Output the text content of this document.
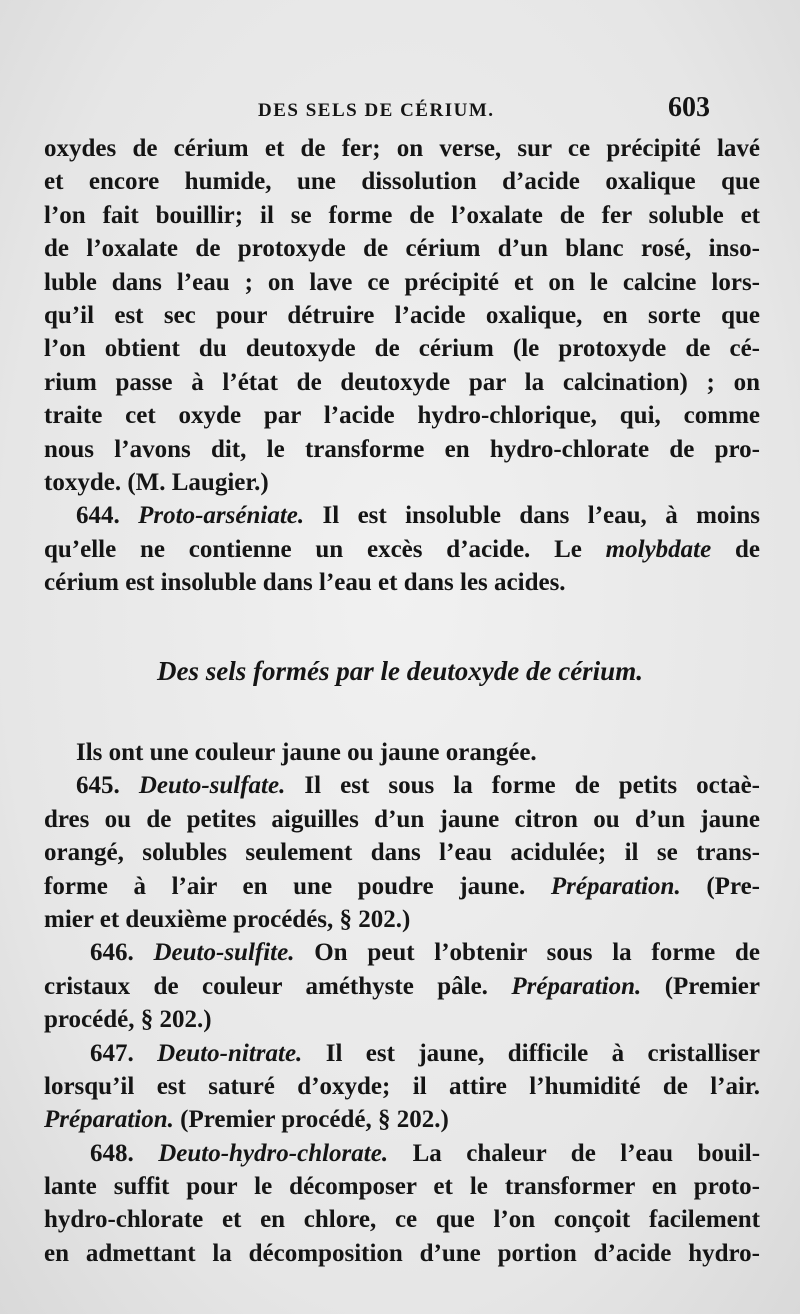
DES SELS DE CÉRIUM.	603
oxydes de cérium et de fer; on verse, sur ce précipité lavé
et encore humide, une dissolution d’acide oxalique que
l’on fait bouillir; il se forme de l’oxalate de fer soluble et
de l’oxalate de protoxyde de cérium d’un blanc rosé, inso-
luble dans l’eau ; on lave ce précipité et on le calcine lors-
qu’il est sec pour détruire l’acide oxalique, en sorte que
l’on obtient du deutoxyde de cérium (le protoxyde de cé-
rium passe à l’état de deutoxyde par la calcination) ; on
traite cet oxyde par l’acide hydro-chlorique, qui, comme
nous l’avons dit, le transforme en hydro-chlorate de pro-
toxyde. (M. Laugier.)
644. Proto-arséniate. Il est insoluble dans l’eau, à moins
qu’elle ne contienne un excès d’acide. Le molybdate de
cérium est insoluble dans l’eau et dans les acides.
Des sels formés par le deutoxyde de cérium.
Ils ont une couleur jaune ou jaune orangée.
645. Deuto-sulfate. Il est sous la forme de petits octaè-
dres ou de petites aiguilles d’un jaune citron ou d’un jaune
orangé, solubles seulement dans l’eau acidulée; il se trans-
forme à l’air en une poudre jaune. Préparation. (Pre-
mier et deuxième procédés, § 202.)
646. Deuto-sulfite. On peut l’obtenir sous la forme de
cristaux de couleur améthyste pâle. Préparation. (Premier
procédé, § 202.)
647. Deuto-nitrate. Il est jaune, difficile à cristalliser
lorsqu’il est saturé d’oxyde; il attire l’humidité de l’air.
Préparation. (Premier procédé, § 202.)
648. Deuto-hydro-chlorate. La chaleur de l’eau bouil-
lante suffit pour le décomposer et le transformer en proto-
hydro-chlorate et en chlore, ce que l’on conçoit facilement
en admettant la décomposition d’une portion d’acide hydro-
